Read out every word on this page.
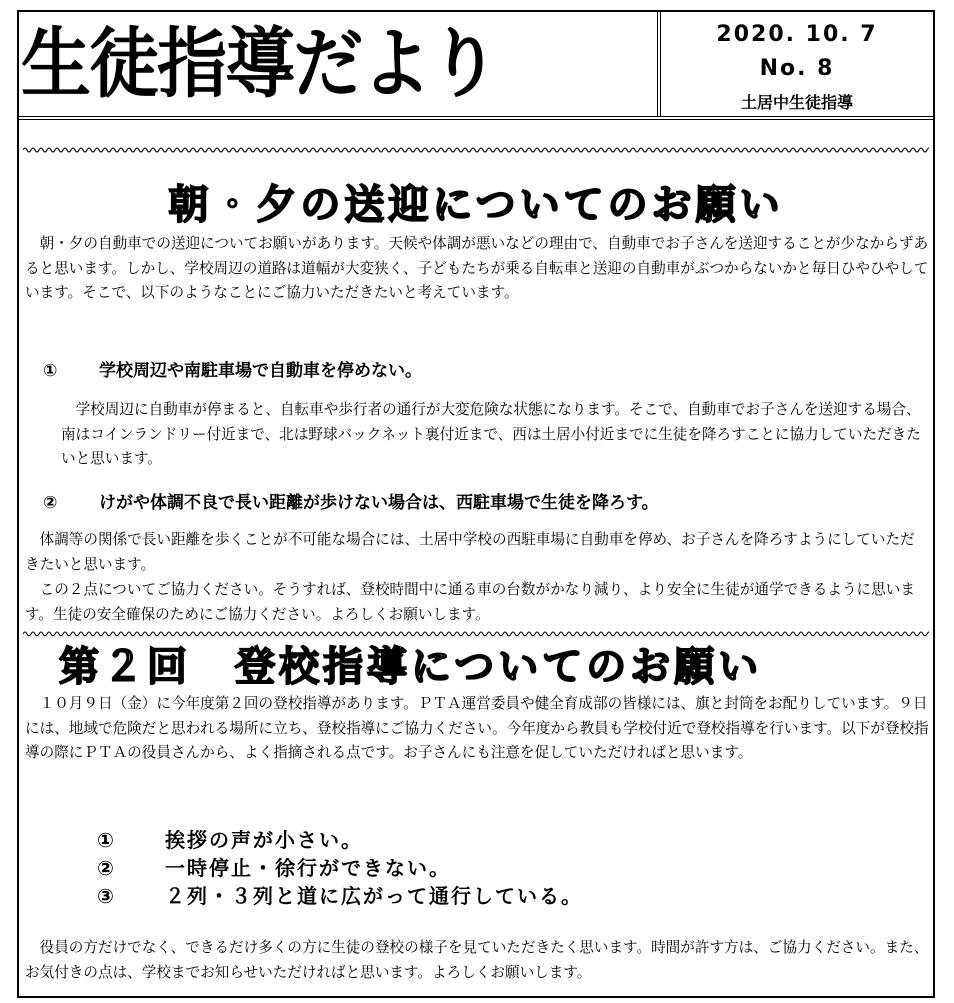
生徒指導だより	2020. 10. 7
No. 8
土居中生徒指導
朝・夕の送迎についてのお願い

朝・夕の自動車での送迎についてお願いがあります。天候や体調が悪いなどの理由で、自動車でお子さんを送迎することが少なからずあると思います。しかし、学校周辺の道路は道幅が大変狭く、子どもたちが乗る自転車と送迎の自動車がぶつからないかと毎日ひやひやしています。そこで、以下のようなことにご協力いただきたいと考えています。

① 学校周辺や南駐車場で自動車を停めない。

学校周辺に自動車が停まると、自転車や歩行者の通行が大変危険な状態になります。そこで、自動車でお子さんを送迎する場合、南はコインランドリー付近まで、北は野球バックネット裏付近まで、西は土居小付近までに生徒を降ろすことに協力していただきたいと思います。

② けがや体調不良で長い距離が歩けない場合は、西駐車場で生徒を降ろす。

体調等の関係で長い距離を歩くことが不可能な場合には、土居中学校の西駐車場に自動車を停め、お子さんを降ろすようにしていただきたいと思います。

この２点についてご協力ください。そうすれば、登校時間中に通る車の台数がかなり減り、より安全に生徒が通学できるように思います。生徒の安全確保のためにご協力ください。よろしくお願いします。

第２回　登校指導についてのお願い

１０月９日（金）に今年度第２回の登校指導があります。ＰＴＡ運営委員や健全育成部の皆様には、旗と封筒をお配りしています。９日には、地域で危険だと思われる場所に立ち、登校指導にご協力ください。今年度から教員も学校付近で登校指導を行います。以下が登校指導の際にＰＴＡの役員さんから、よく指摘される点です。お子さんにも注意を促していただければと思います。

① 挨拶の声が小さい。
② 一時停止・徐行ができない。
③ ２列・３列と道に広がって通行している。

役員の方だけでなく、できるだけ多くの方に生徒の登校の様子を見ていただきたく思います。時間が許す方は、ご協力ください。また、お気付きの点は、学校までお知らせいただければと思います。よろしくお願いします。
